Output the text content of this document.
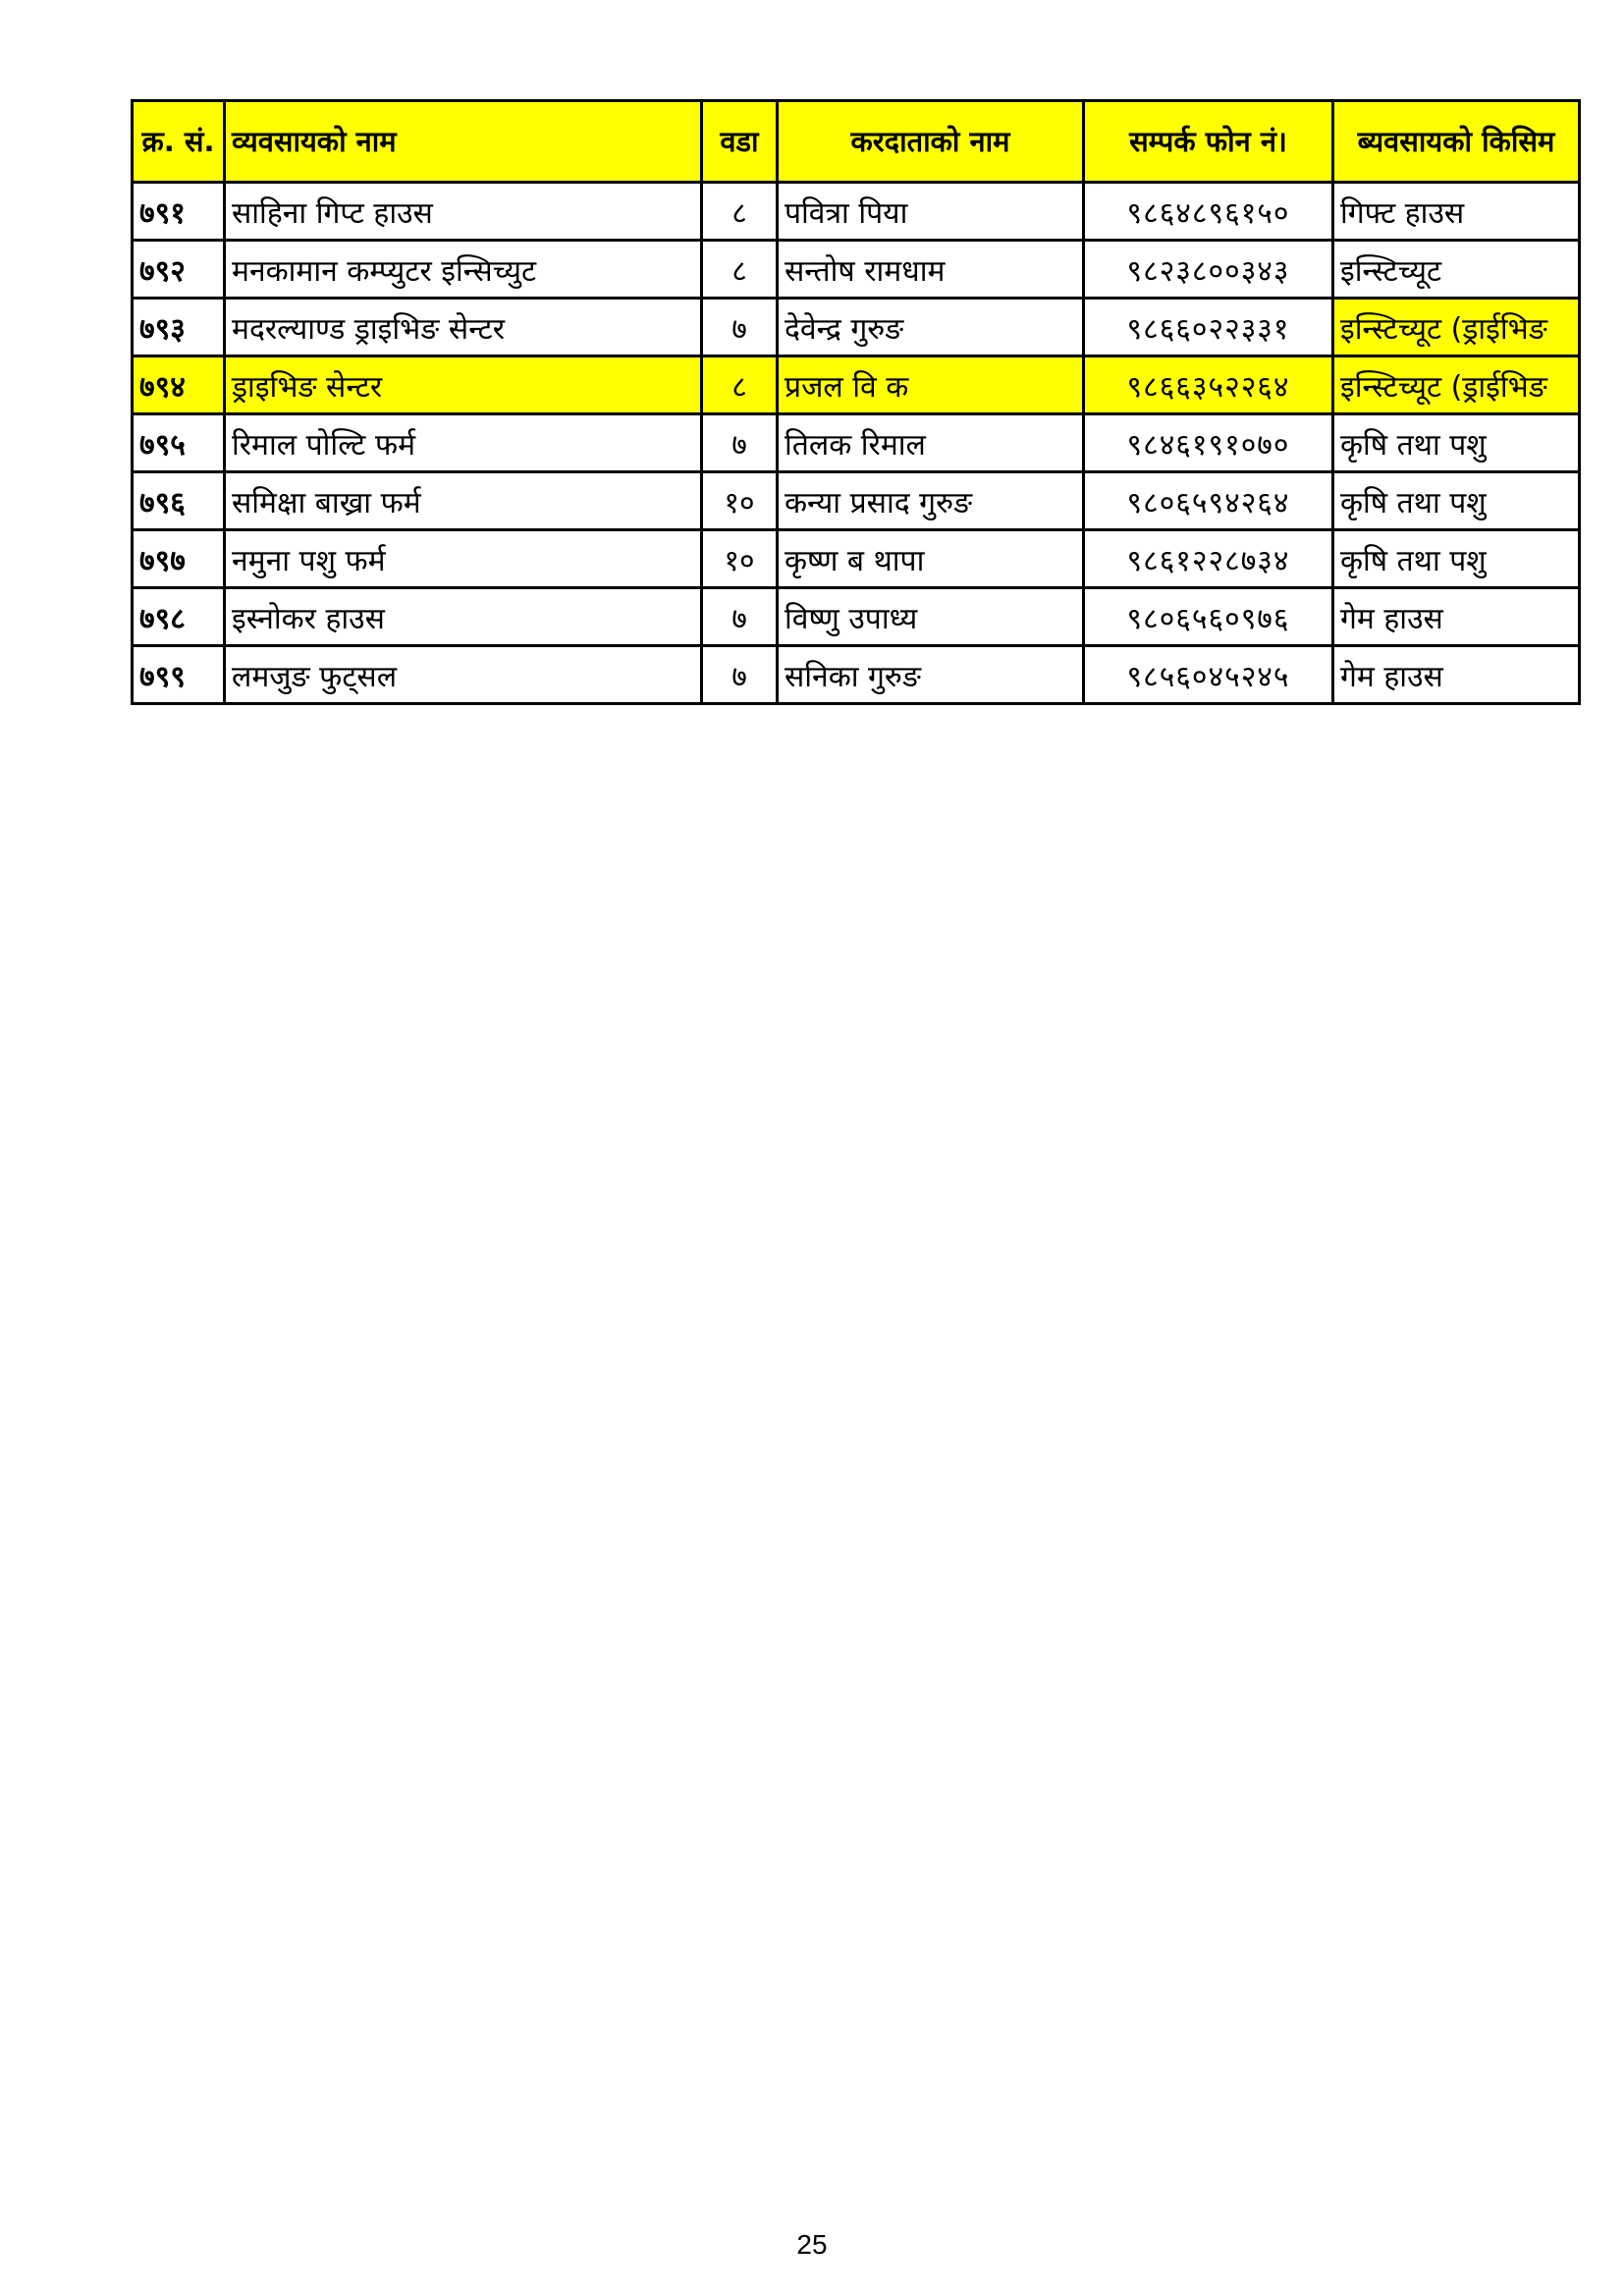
क्र. सं.	व्यवसायको नाम	वडा	करदाताको नाम	सम्पर्क फोन नं।	ब्यवसायको किसिम
७९१	साहिना गिप्ट हाउस	८	पवित्रा पिया	९८६४८९६१५०	गिफ्ट हाउस
७९२	मनकामान कम्प्युटर इन्सिच्युट	८	सन्तोष रामधाम	९८२३८००३४३	इन्स्टिच्यूट
७९३	मदरल्याण्ड ड्राइभिङ सेन्टर	७	देवेन्द्र गुरुङ	९८६६०२२३३१	इन्स्टिच्यूट (ड्राईभिङ
७९४	ड्राइभिङ सेन्टर	८	प्रजल वि क	९८६६३५२२६४	इन्स्टिच्यूट (ड्राईभिङ
७९५	रिमाल पोल्टि फर्म	७	तिलक रिमाल	९८४६१९१०७०	कृषि तथा पशु
७९६	समिक्षा बाख्रा फर्म	१०	कन्या प्रसाद गुरुङ	९८०६५९४२६४	कृषि तथा पशु
७९७	नमुना पशु फर्म	१०	कृष्ण ब थापा	९८६१२२८७३४	कृषि तथा पशु
७९८	इस्नोकर हाउस	७	विष्णु उपाध्य	९८०६५६०९७६	गेम हाउस
७९९	लमजुङ फुट्सल	७	सनिका गुरुङ	९८५६०४५२४५	गेम हाउस
25
